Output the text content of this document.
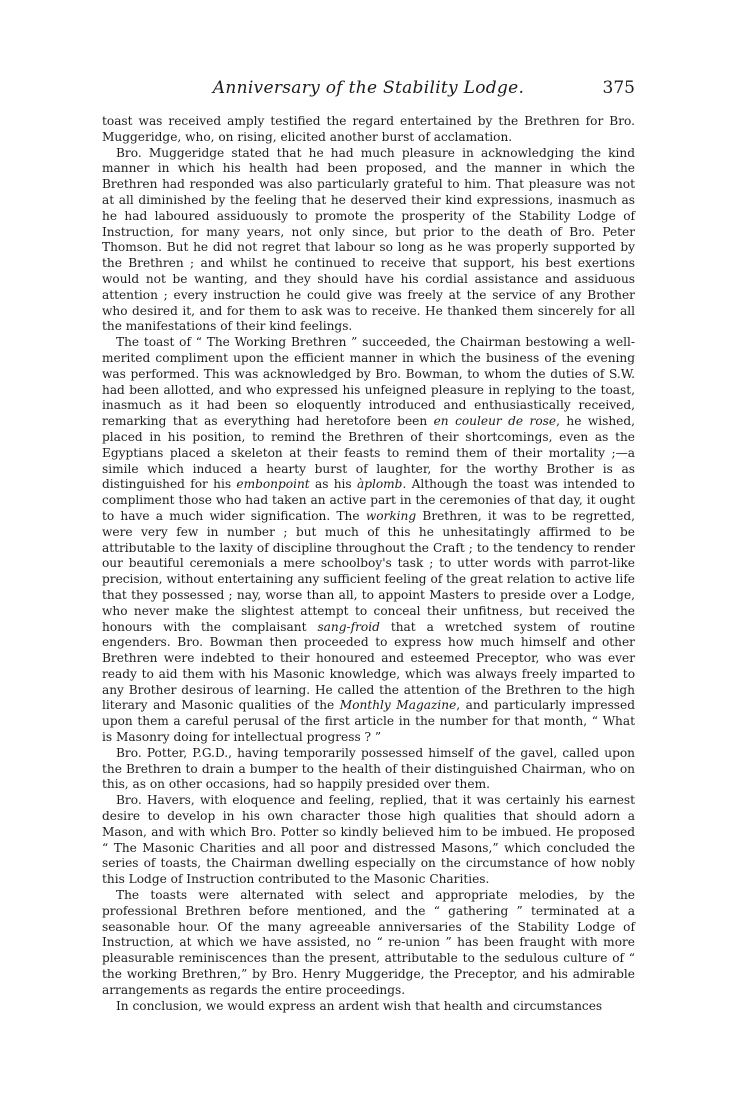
Anniversary of the Stability Lodge.	375

toast was received amply testified the regard entertained by the Brethren for Bro. Muggeridge, who, on rising, elicited another burst of acclamation.

Bro. Muggeridge stated that he had much pleasure in acknowledging the kind manner in which his health had been proposed, and the manner in which the Brethren had responded was also particularly grateful to him. That pleasure was not at all diminished by the feeling that he deserved their kind expressions, inasmuch as he had laboured assiduously to promote the prosperity of the Stability Lodge of Instruction, for many years, not only since, but prior to the death of Bro. Peter Thomson. But he did not regret that labour so long as he was properly supported by the Brethren ; and whilst he continued to receive that support, his best exertions would not be wanting, and they should have his cordial assistance and assiduous attention ; every instruction he could give was freely at the service of any Brother who desired it, and for them to ask was to receive. He thanked them sincerely for all the manifestations of their kind feelings.

The toast of “ The Working Brethren ” succeeded, the Chairman bestowing a well-merited compliment upon the efficient manner in which the business of the evening was performed. This was acknowledged by Bro. Bowman, to whom the duties of S.W. had been allotted, and who expressed his unfeigned pleasure in replying to the toast, inasmuch as it had been so eloquently introduced and enthusiastically received, remarking that as everything had heretofore been en couleur de rose, he wished, placed in his position, to remind the Brethren of their shortcomings, even as the Egyptians placed a skeleton at their feasts to remind them of their mortality ;—a simile which induced a hearty burst of laughter, for the worthy Brother is as distinguished for his embonpoint as his àplomb. Although the toast was intended to compliment those who had taken an active part in the ceremonies of that day, it ought to have a much wider signification. The working Brethren, it was to be regretted, were very few in number ; but much of this he unhesitatingly affirmed to be attributable to the laxity of discipline throughout the Craft ; to the tendency to render our beautiful ceremonials a mere schoolboy's task ; to utter words with parrot-like precision, without entertaining any sufficient feeling of the great relation to active life that they possessed ; nay, worse than all, to appoint Masters to preside over a Lodge, who never make the slightest attempt to conceal their unfitness, but received the honours with the complaisant sang-froid that a wretched system of routine engenders. Bro. Bowman then proceeded to express how much himself and other Brethren were indebted to their honoured and esteemed Preceptor, who was ever ready to aid them with his Masonic knowledge, which was always freely imparted to any Brother desirous of learning. He called the attention of the Brethren to the high literary and Masonic qualities of the Monthly Magazine, and particularly impressed upon them a careful perusal of the first article in the number for that month, “ What is Masonry doing for intellectual progress ? ”

Bro. Potter, P.G.D., having temporarily possessed himself of the gavel, called upon the Brethren to drain a bumper to the health of their distinguished Chairman, who on this, as on other occasions, had so happily presided over them.

Bro. Havers, with eloquence and feeling, replied, that it was certainly his earnest desire to develop in his own character those high qualities that should adorn a Mason, and with which Bro. Potter so kindly believed him to be imbued. He proposed “ The Masonic Charities and all poor and distressed Masons,” which concluded the series of toasts, the Chairman dwelling especially on the circumstance of how nobly this Lodge of Instruction contributed to the Masonic Charities.

The toasts were alternated with select and appropriate melodies, by the professional Brethren before mentioned, and the “ gathering ” terminated at a seasonable hour. Of the many agreeable anniversaries of the Stability Lodge of Instruction, at which we have assisted, no “ re-union ” has been fraught with more pleasurable reminiscences than the present, attributable to the sedulous culture of “ the working Brethren,” by Bro. Henry Muggeridge, the Preceptor, and his admirable arrangements as regards the entire proceedings.

In conclusion, we would express an ardent wish that health and circumstances
